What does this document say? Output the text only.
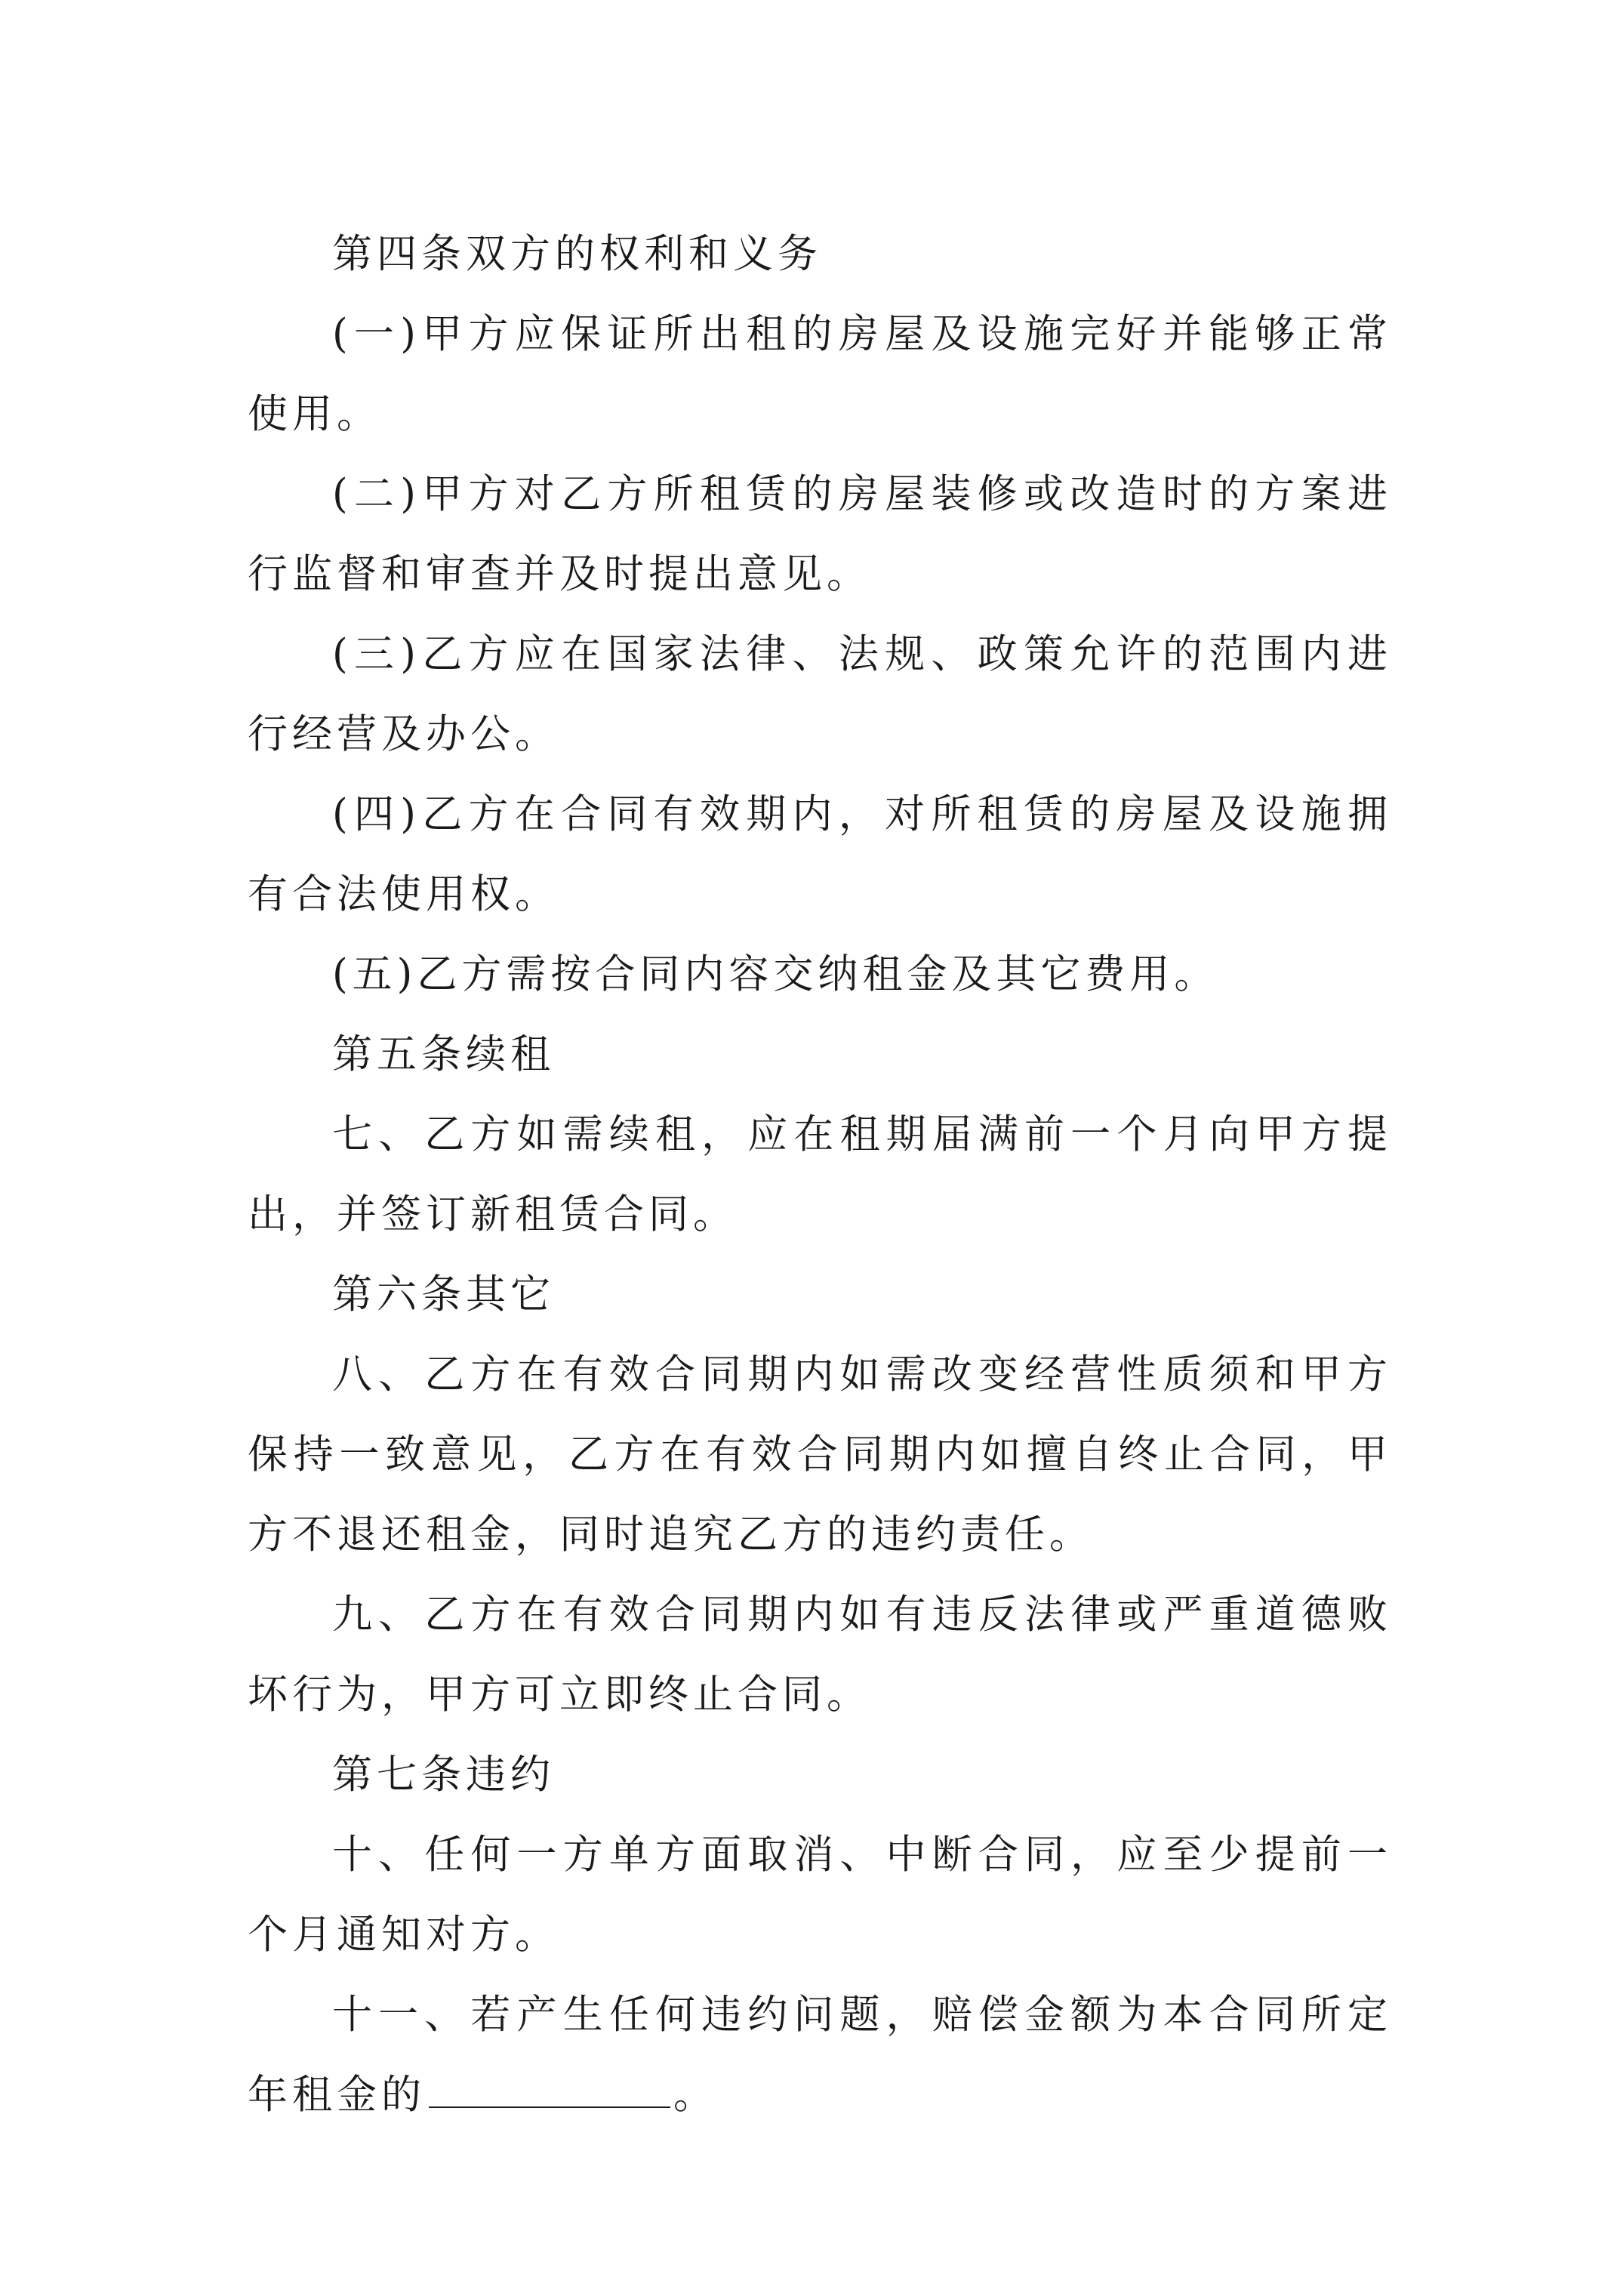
第四条双方的权利和义务

(一)甲方应保证所出租的房屋及设施完好并能够正常使用。

(二)甲方对乙方所租赁的房屋装修或改造时的方案进行监督和审查并及时提出意见。

(三)乙方应在国家法律、法规、政策允许的范围内进行经营及办公。

(四)乙方在合同有效期内，对所租赁的房屋及设施拥有合法使用权。

(五)乙方需按合同内容交纳租金及其它费用。

第五条续租

七、乙方如需续租，应在租期届满前一个月向甲方提出，并签订新租赁合同。

第六条其它

八、乙方在有效合同期内如需改变经营性质须和甲方保持一致意见，乙方在有效合同期内如擅自终止合同，甲方不退还租金，同时追究乙方的违约责任。

九、乙方在有效合同期内如有违反法律或严重道德败坏行为，甲方可立即终止合同。

第七条违约

十、任何一方单方面取消、中断合同，应至少提前一个月通知对方。

十一、若产生任何违约问题，赔偿金额为本合同所定年租金的	。
